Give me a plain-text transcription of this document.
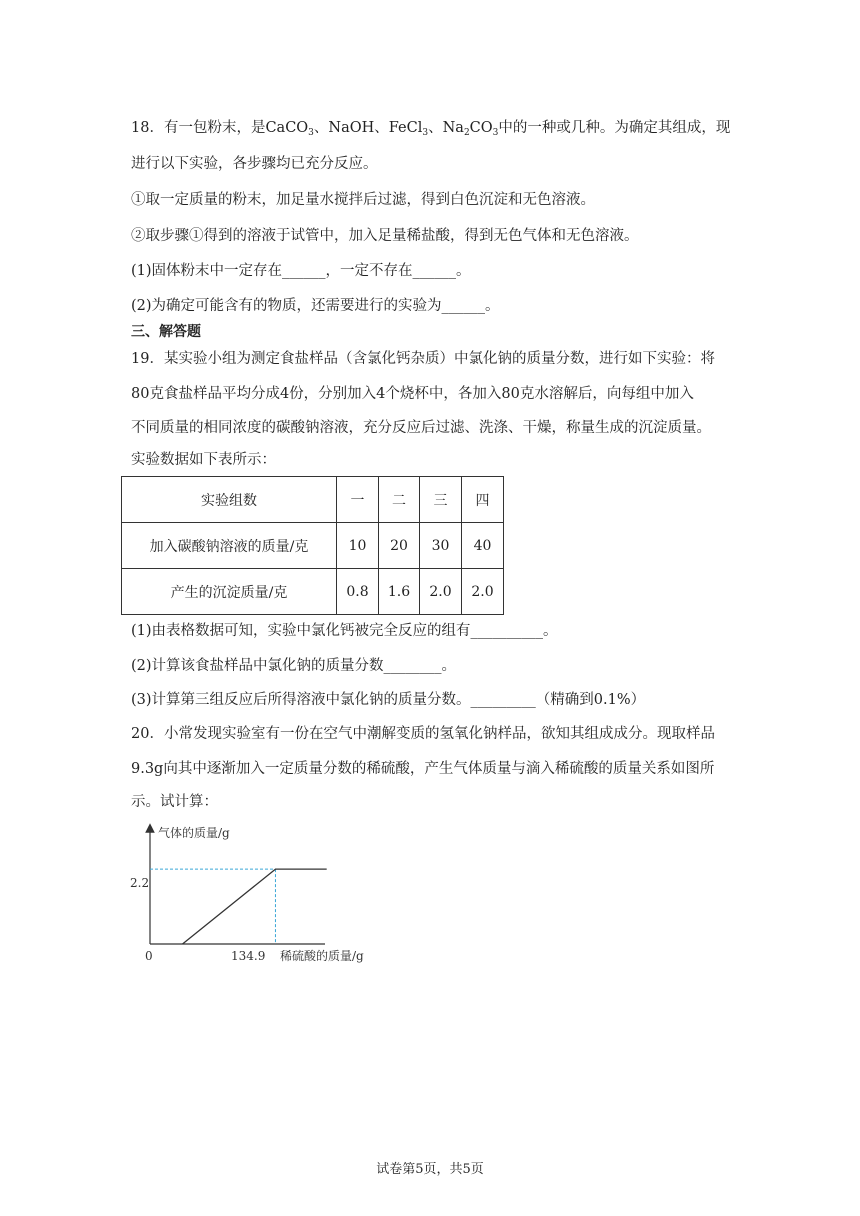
18．有一包粉末，是CaCO$_3$、NaOH、FeCl$_3$、$Na_2CO_3$中的一种或几种。为确定其组成，现
进行以下实验，各步骤均已充分反应。
①取一定质量的粉末，加足量水搅拌后过滤，得到白色沉淀和无色溶液。
②取步骤①得到的溶液于试管中，加入足量稀盐酸，得到无色气体和无色溶液。
(1)固体粉末中一定存在______，一定不存在______。
(2)为确定可能含有的物质，还需要进行的实验为______。
三、解答题
19．某实验小组为测定食盐样品（含氯化钙杂质）中氯化钠的质量分数，进行如下实验：将
80克食盐样品平均分成4份，分别加入4个烧杯中，各加入80克水溶解后，向每组中加入
不同质量的相同浓度的碳酸钠溶液，充分反应后过滤、洗涤、干燥，称量生成的沉淀质量。
实验数据如下表所示：
实验组数	一	二	三	四
加入碳酸钠溶液的质量/克	10	20	30	40
产生的沉淀质量/克	0.8	1.6	2.0	2.0
(1)由表格数据可知，实验中氯化钙被完全反应的组有__________。
(2)计算该食盐样品中氯化钠的质量分数________。
(3)计算第三组反应后所得溶液中氯化钠的质量分数。_________（精确到0.1%）
20．小常发现实验室有一份在空气中潮解变质的氢氧化钠样品，欲知其组成成分。现取样品
9.3g向其中逐渐加入一定质量分数的稀硫酸，产生气体质量与滴入稀硫酸的质量关系如图所
示。试计算：
气体的质量/g
2.2
0	134.9 稀硫酸的质量/g
试卷第5页，共5页
